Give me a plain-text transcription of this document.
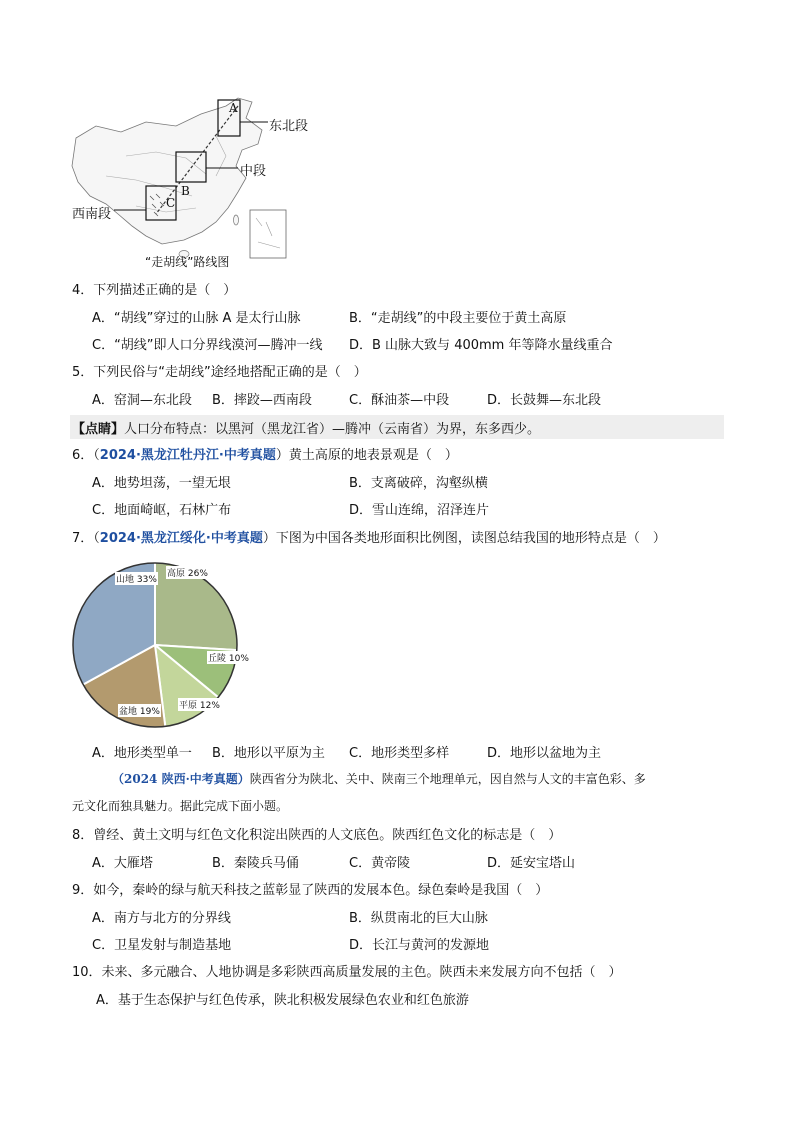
东北段
中段
西南段
A
B
C
“走胡线”路线图
4．下列描述正确的是（　）
A．“胡线”穿过的山脉 A 是太行山脉	B．“走胡线”的中段主要位于黄土高原
C．“胡线”即人口分界线漠河—腾冲一线 D．B 山脉大致与 400mm 年等降水量线重合
5．下列民俗与“走胡线”途经地搭配正确的是（　）
A．窑洞—东北段 B．摔跤—西南段	C．酥油茶—中段	D．长鼓舞—东北段
【点睛】人口分布特点：以黑河（黑龙江省）—腾冲（云南省）为界，东多西少。
6．（2024·黑龙江牡丹江·中考真题）黄土高原的地表景观是（　）
A．地势坦荡，一望无垠	B．支离破碎，沟壑纵横
C．地面崎岖，石林广布	D．雪山连绵，沼泽连片
7．（2024·黑龙江绥化·中考真题）下图为中国各类地形面积比例图，读图总结我国的地形特点是（　）
山地 33%
高原 26%
丘陵 10%
平原 12%
盆地 19%
A．地形类型单一 B．地形以平原为主 C．地形类型多样	D．地形以盆地为主
（2024 陕西·中考真题）陕西省分为陕北、关中、陕南三个地理单元，因自然与人文的丰富色彩、多
元文化而独具魅力。据此完成下面小题。
8．曾经、黄土文明与红色文化积淀出陕西的人文底色。陕西红色文化的标志是（　）
A．大雁塔	B．秦陵兵马俑	C．黄帝陵	D．延安宝塔山
9．如今，秦岭的绿与航天科技之蓝彰显了陕西的发展本色。绿色秦岭是我国（　）
A．南方与北方的分界线	B．纵贯南北的巨大山脉
C．卫星发射与制造基地	D．长江与黄河的发源地
10．未来、多元融合、人地协调是多彩陕西高质量发展的主色。陕西未来发展方向不包括（　）
A．基于生态保护与红色传承，陕北积极发展绿色农业和红色旅游
